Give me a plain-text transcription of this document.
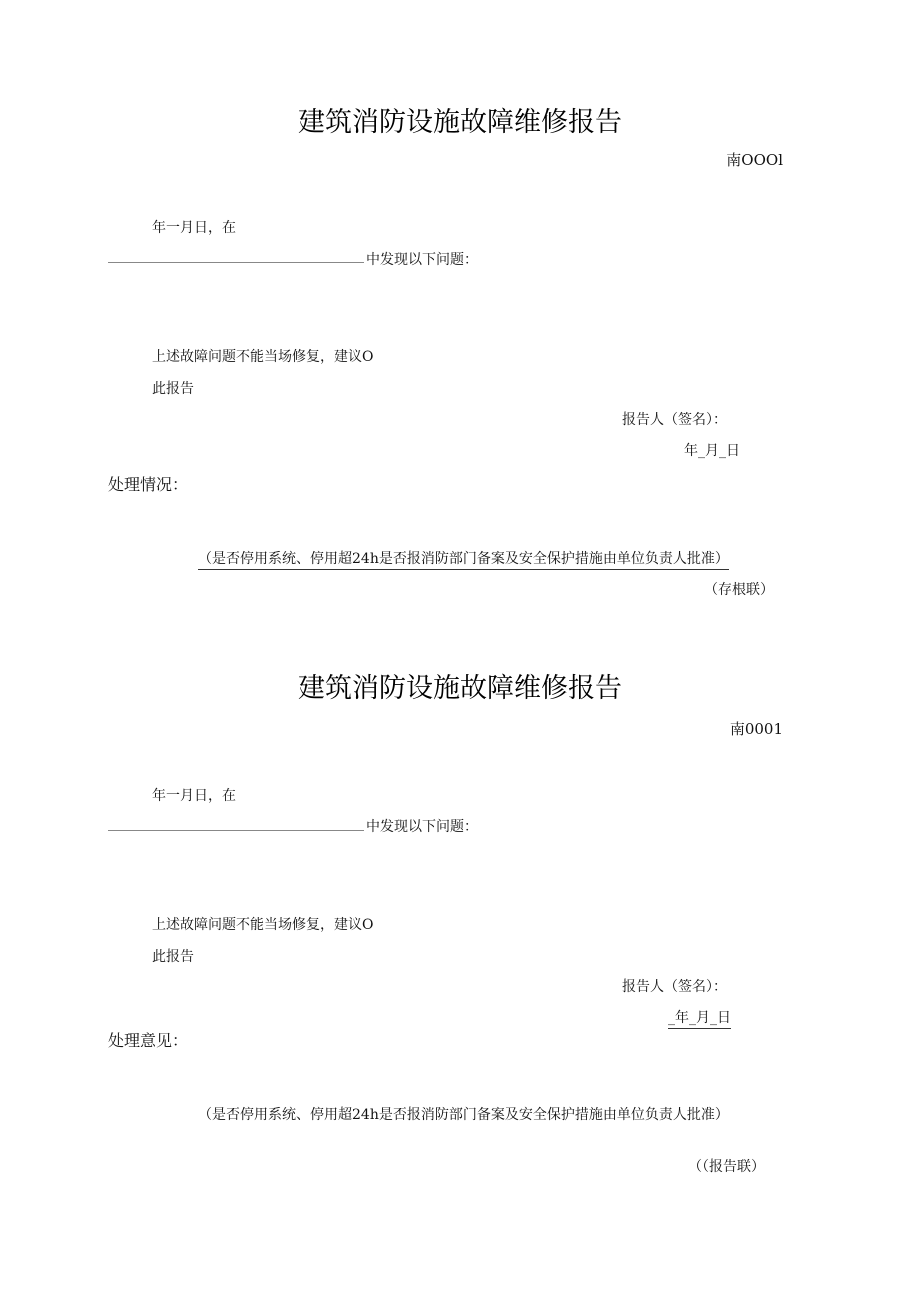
建筑消防设施故障维修报告
南OOOl
年一月日，在
中发现以下问题：
上述故障问题不能当场修复，建议O
此报告
报告人（签名）：
年_月_日
处理情况：
（是否停用系统、停用超24h是否报消防部门备案及安全保护措施由单位负责人批准）
（存根联）
建筑消防设施故障维修报告
南0001
年一月日，在
中发现以下问题：
上述故障问题不能当场修复，建议O
此报告
报告人（签名）：
_年_月_日
处理意见：
（是否停用系统、停用超24h是否报消防部门备案及安全保护措施由单位负责人批准）
（（报告联）
